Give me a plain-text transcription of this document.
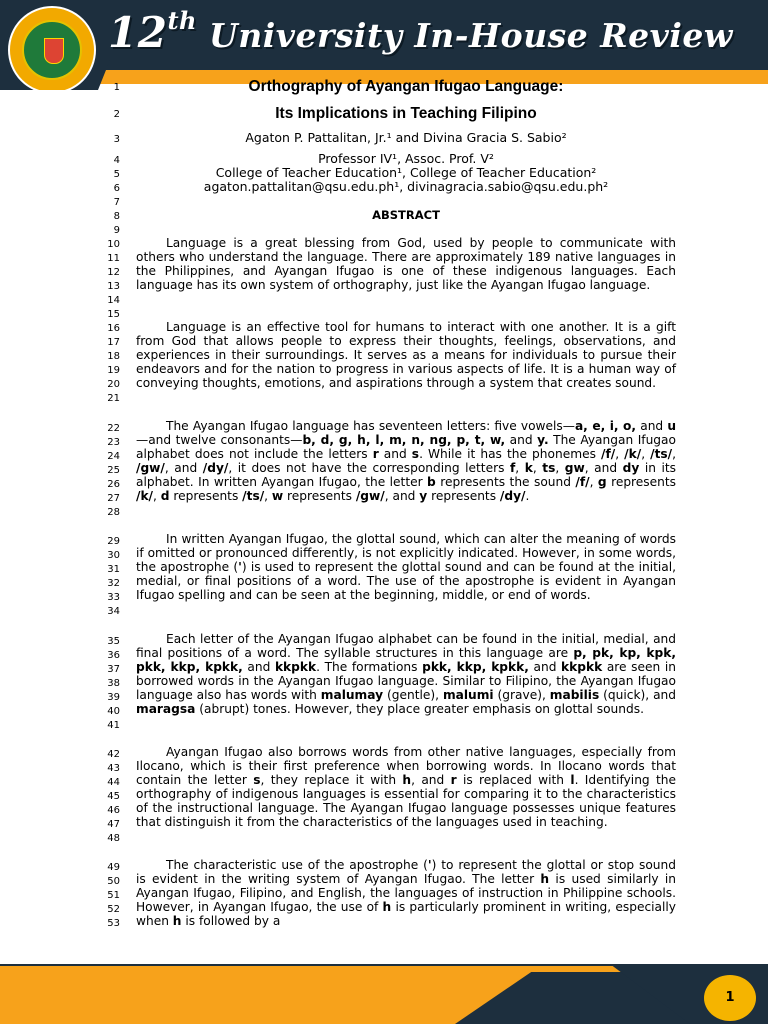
12th University In-House Review
Orthography of Ayangan Ifugao Language:
Its Implications in Teaching Filipino
Agaton P. Pattalitan, Jr.¹ and Divina Gracia S. Sabio²
Professor IV¹, Assoc. Prof. V²
College of Teacher Education¹, College of Teacher Education²
agaton.pattalitan@qsu.edu.ph¹, divinagracia.sabio@qsu.edu.ph²
ABSTRACT
1
2
3
4
5
6
7
8
9
10
11
12
13
14
15
16
17
18
19
20
21
22
23
24
25
26
27
28
29
30
31
32
33
34
35
36
37
38
39
40
41
42
43
44
45
46
47
48
49
50
51
52
53
Language is a great blessing from God, used by people to communicate with others who understand the language. There are approximately 189 native languages in the Philippines, and Ayangan Ifugao is one of these indigenous languages. Each language has its own system of orthography, just like the Ayangan Ifugao language.
Language is an effective tool for humans to interact with one another. It is a gift from God that allows people to express their thoughts, feelings, observations, and experiences in their surroundings. It serves as a means for individuals to pursue their endeavors and for the nation to progress in various aspects of life. It is a human way of conveying thoughts, emotions, and aspirations through a system that creates sound.
The Ayangan Ifugao language has seventeen letters: five vowels—a, e, i, o, and u—and twelve consonants—b, d, g, h, l, m, n, ng, p, t, w, and y. The Ayangan Ifugao alphabet does not include the letters r and s. While it has the phonemes /f/, /k/, /ts/, /gw/, and /dy/, it does not have the corresponding letters f, k, ts, gw, and dy in its alphabet. In written Ayangan Ifugao, the letter b represents the sound /f/, g represents /k/, d represents /ts/, w represents /gw/, and y represents /dy/.
In written Ayangan Ifugao, the glottal sound, which can alter the meaning of words if omitted or pronounced differently, is not explicitly indicated. However, in some words, the apostrophe (') is used to represent the glottal sound and can be found at the initial, medial, or final positions of a word. The use of the apostrophe is evident in Ayangan Ifugao spelling and can be seen at the beginning, middle, or end of words.
Each letter of the Ayangan Ifugao alphabet can be found in the initial, medial, and final positions of a word. The syllable structures in this language are p, pk, kp, kpk, pkk, kkp, kpkk, and kkpkk. The formations pkk, kkp, kpkk, and kkpkk are seen in borrowed words in the Ayangan Ifugao language. Similar to Filipino, the Ayangan Ifugao language also has words with malumay (gentle), malumi (grave), mabilis (quick), and maragsa (abrupt) tones. However, they place greater emphasis on glottal sounds.
Ayangan Ifugao also borrows words from other native languages, especially from Ilocano, which is their first preference when borrowing words. In Ilocano words that contain the letter s, they replace it with h, and r is replaced with l. Identifying the orthography of indigenous languages is essential for comparing it to the characteristics of the instructional language. The Ayangan Ifugao language possesses unique features that distinguish it from the characteristics of the languages used in teaching.
The characteristic use of the apostrophe (') to represent the glottal or stop sound is evident in the writing system of Ayangan Ifugao. The letter h is used similarly in Ayangan Ifugao, Filipino, and English, the languages of instruction in Philippine schools. However, in Ayangan Ifugao, the use of h is particularly prominent in writing, especially when h is followed by a
1
